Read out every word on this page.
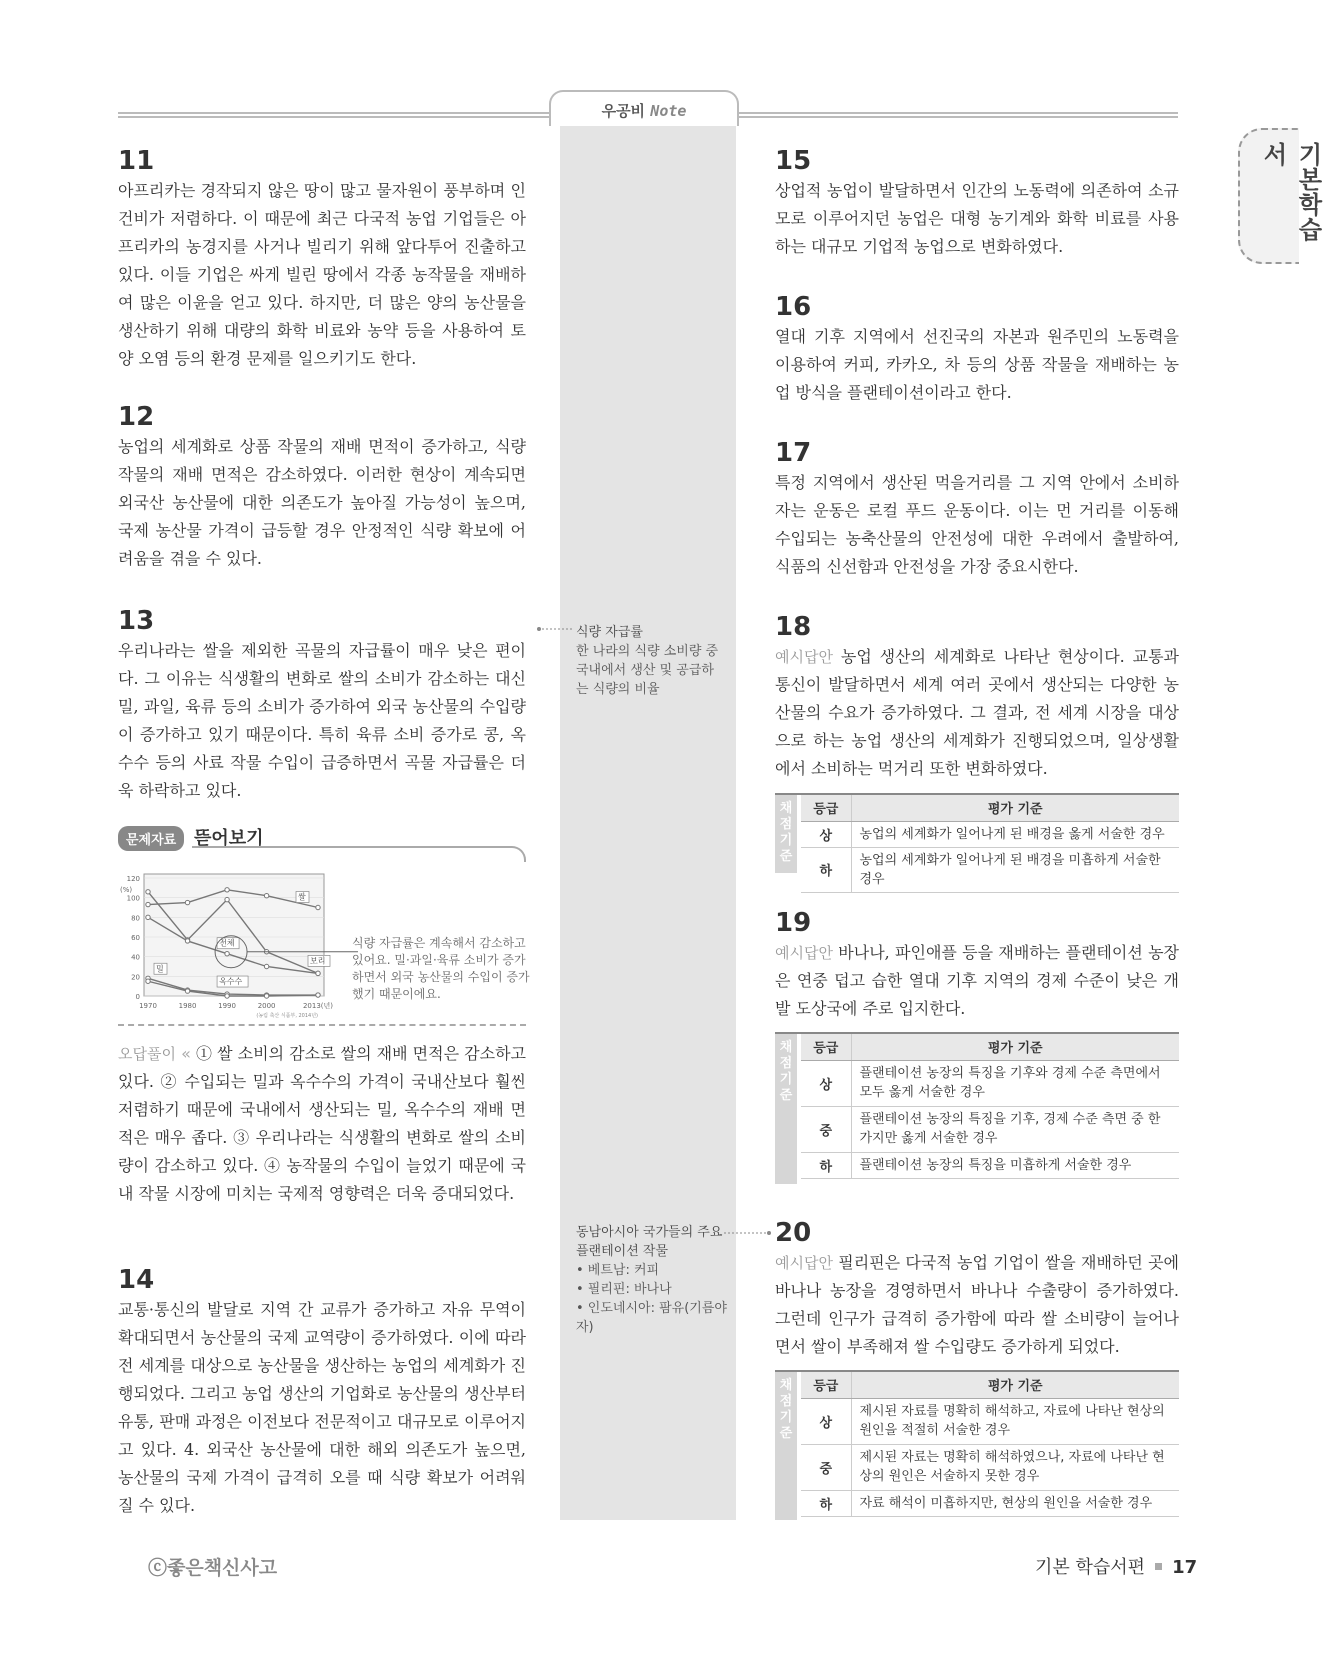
우공비 Note
기본학습서
11
아프리카는 경작되지 않은 땅이 많고 물자원이 풍부하며 인건비가 저렴하다. 이 때문에 최근 다국적 농업 기업들은 아프리카의 농경지를 사거나 빌리기 위해 앞다투어 진출하고 있다. 이들 기업은 싸게 빌린 땅에서 각종 농작물을 재배하여 많은 이윤을 얻고 있다. 하지만, 더 많은 양의 농산물을 생산하기 위해 대량의 화학 비료와 농약 등을 사용하여 토양 오염 등의 환경 문제를 일으키기도 한다.
12
농업의 세계화로 상품 작물의 재배 면적이 증가하고, 식량 작물의 재배 면적은 감소하였다. 이러한 현상이 계속되면 외국산 농산물에 대한 의존도가 높아질 가능성이 높으며, 국제 농산물 가격이 급등할 경우 안정적인 식량 확보에 어려움을 겪을 수 있다.
13
우리나라는 쌀을 제외한 곡물의 자급률이 매우 낮은 편이다. 그 이유는 식생활의 변화로 쌀의 소비가 감소하는 대신 밀, 과일, 육류 등의 소비가 증가하여 외국 농산물의 수입량이 증가하고 있기 때문이다. 특히 육류 소비 증가로 콩, 옥수수 등의 사료 작물 수입이 급증하면서 곡물 자급률은 더욱 하락하고 있다.
문제자료 뜯어보기
120
100
80
60
40
20
0
(%)
1970	1980	1990	2000	2013(년)
(농림 축산 식품부, 2014년)
쌀
보리
전체
옥수수
밀
식량 자급률은 계속해서 감소하고 있어요. 밀·과일·육류 소비가 증가하면서 외국 농산물의 수입이 증가했기 때문이에요.
오답풀이 « ① 쌀 소비의 감소로 쌀의 재배 면적은 감소하고 있다. ② 수입되는 밀과 옥수수의 가격이 국내산보다 훨씬 저렴하기 때문에 국내에서 생산되는 밀, 옥수수의 재배 면적은 매우 좁다. ③ 우리나라는 식생활의 변화로 쌀의 소비량이 감소하고 있다. ④ 농작물의 수입이 늘었기 때문에 국내 작물 시장에 미치는 국제적 영향력은 더욱 증대되었다.
14
교통·통신의 발달로 지역 간 교류가 증가하고 자유 무역이 확대되면서 농산물의 국제 교역량이 증가하였다. 이에 따라 전 세계를 대상으로 농산물을 생산하는 농업의 세계화가 진행되었다. 그리고 농업 생산의 기업화로 농산물의 생산부터 유통, 판매 과정은 이전보다 전문적이고 대규모로 이루어지고 있다. 4. 외국산 농산물에 대한 해외 의존도가 높으면, 농산물의 국제 가격이 급격히 오를 때 식량 확보가 어려워질 수 있다.
식량 자급률
한 나라의 식량 소비량 중 국내에서 생산 및 공급하는 식량의 비율
동남아시아 국가들의 주요 플랜테이션 작물
• 베트남: 커피
• 필리핀: 바나나
• 인도네시아: 팜유(기름야자)
15
상업적 농업이 발달하면서 인간의 노동력에 의존하여 소규모로 이루어지던 농업은 대형 농기계와 화학 비료를 사용하는 대규모 기업적 농업으로 변화하였다.
16
열대 기후 지역에서 선진국의 자본과 원주민의 노동력을 이용하여 커피, 카카오, 차 등의 상품 작물을 재배하는 농업 방식을 플랜테이션이라고 한다.
17
특정 지역에서 생산된 먹을거리를 그 지역 안에서 소비하자는 운동은 로컬 푸드 운동이다. 이는 먼 거리를 이동해 수입되는 농축산물의 안전성에 대한 우려에서 출발하여, 식품의 신선함과 안전성을 가장 중요시한다.
18
예시답안 농업 생산의 세계화로 나타난 현상이다. 교통과 통신이 발달하면서 세계 여러 곳에서 생산되는 다양한 농산물의 수요가 증가하였다. 그 결과, 전 세계 시장을 대상으로 하는 농업 생산의 세계화가 진행되었으며, 일상생활에서 소비하는 먹거리 또한 변화하였다.
채점기준
등급	평가 기준
상	농업의 세계화가 일어나게 된 배경을 옳게 서술한 경우
하	농업의 세계화가 일어나게 된 배경을 미흡하게 서술한 경우
19
예시답안 바나나, 파인애플 등을 재배하는 플랜테이션 농장은 연중 덥고 습한 열대 기후 지역의 경제 수준이 낮은 개발 도상국에 주로 입지한다.
채점기준
등급	평가 기준
상	플랜테이션 농장의 특징을 기후와 경제 수준 측면에서 모두 옳게 서술한 경우
중	플랜테이션 농장의 특징을 기후, 경제 수준 측면 중 한 가지만 옳게 서술한 경우
하	플랜테이션 농장의 특징을 미흡하게 서술한 경우
20
예시답안 필리핀은 다국적 농업 기업이 쌀을 재배하던 곳에 바나나 농장을 경영하면서 바나나 수출량이 증가하였다. 그런데 인구가 급격히 증가함에 따라 쌀 소비량이 늘어나면서 쌀이 부족해져 쌀 수입량도 증가하게 되었다.
채점기준
등급	평가 기준
상	제시된 자료를 명확히 해석하고, 자료에 나타난 현상의 원인을 적절히 서술한 경우
중	제시된 자료는 명확히 해석하였으나, 자료에 나타난 현상의 원인은 서술하지 못한 경우
하	자료 해석이 미흡하지만, 현상의 원인을 서술한 경우
ⓒ좋은책신사고	기본 학습서편 17
